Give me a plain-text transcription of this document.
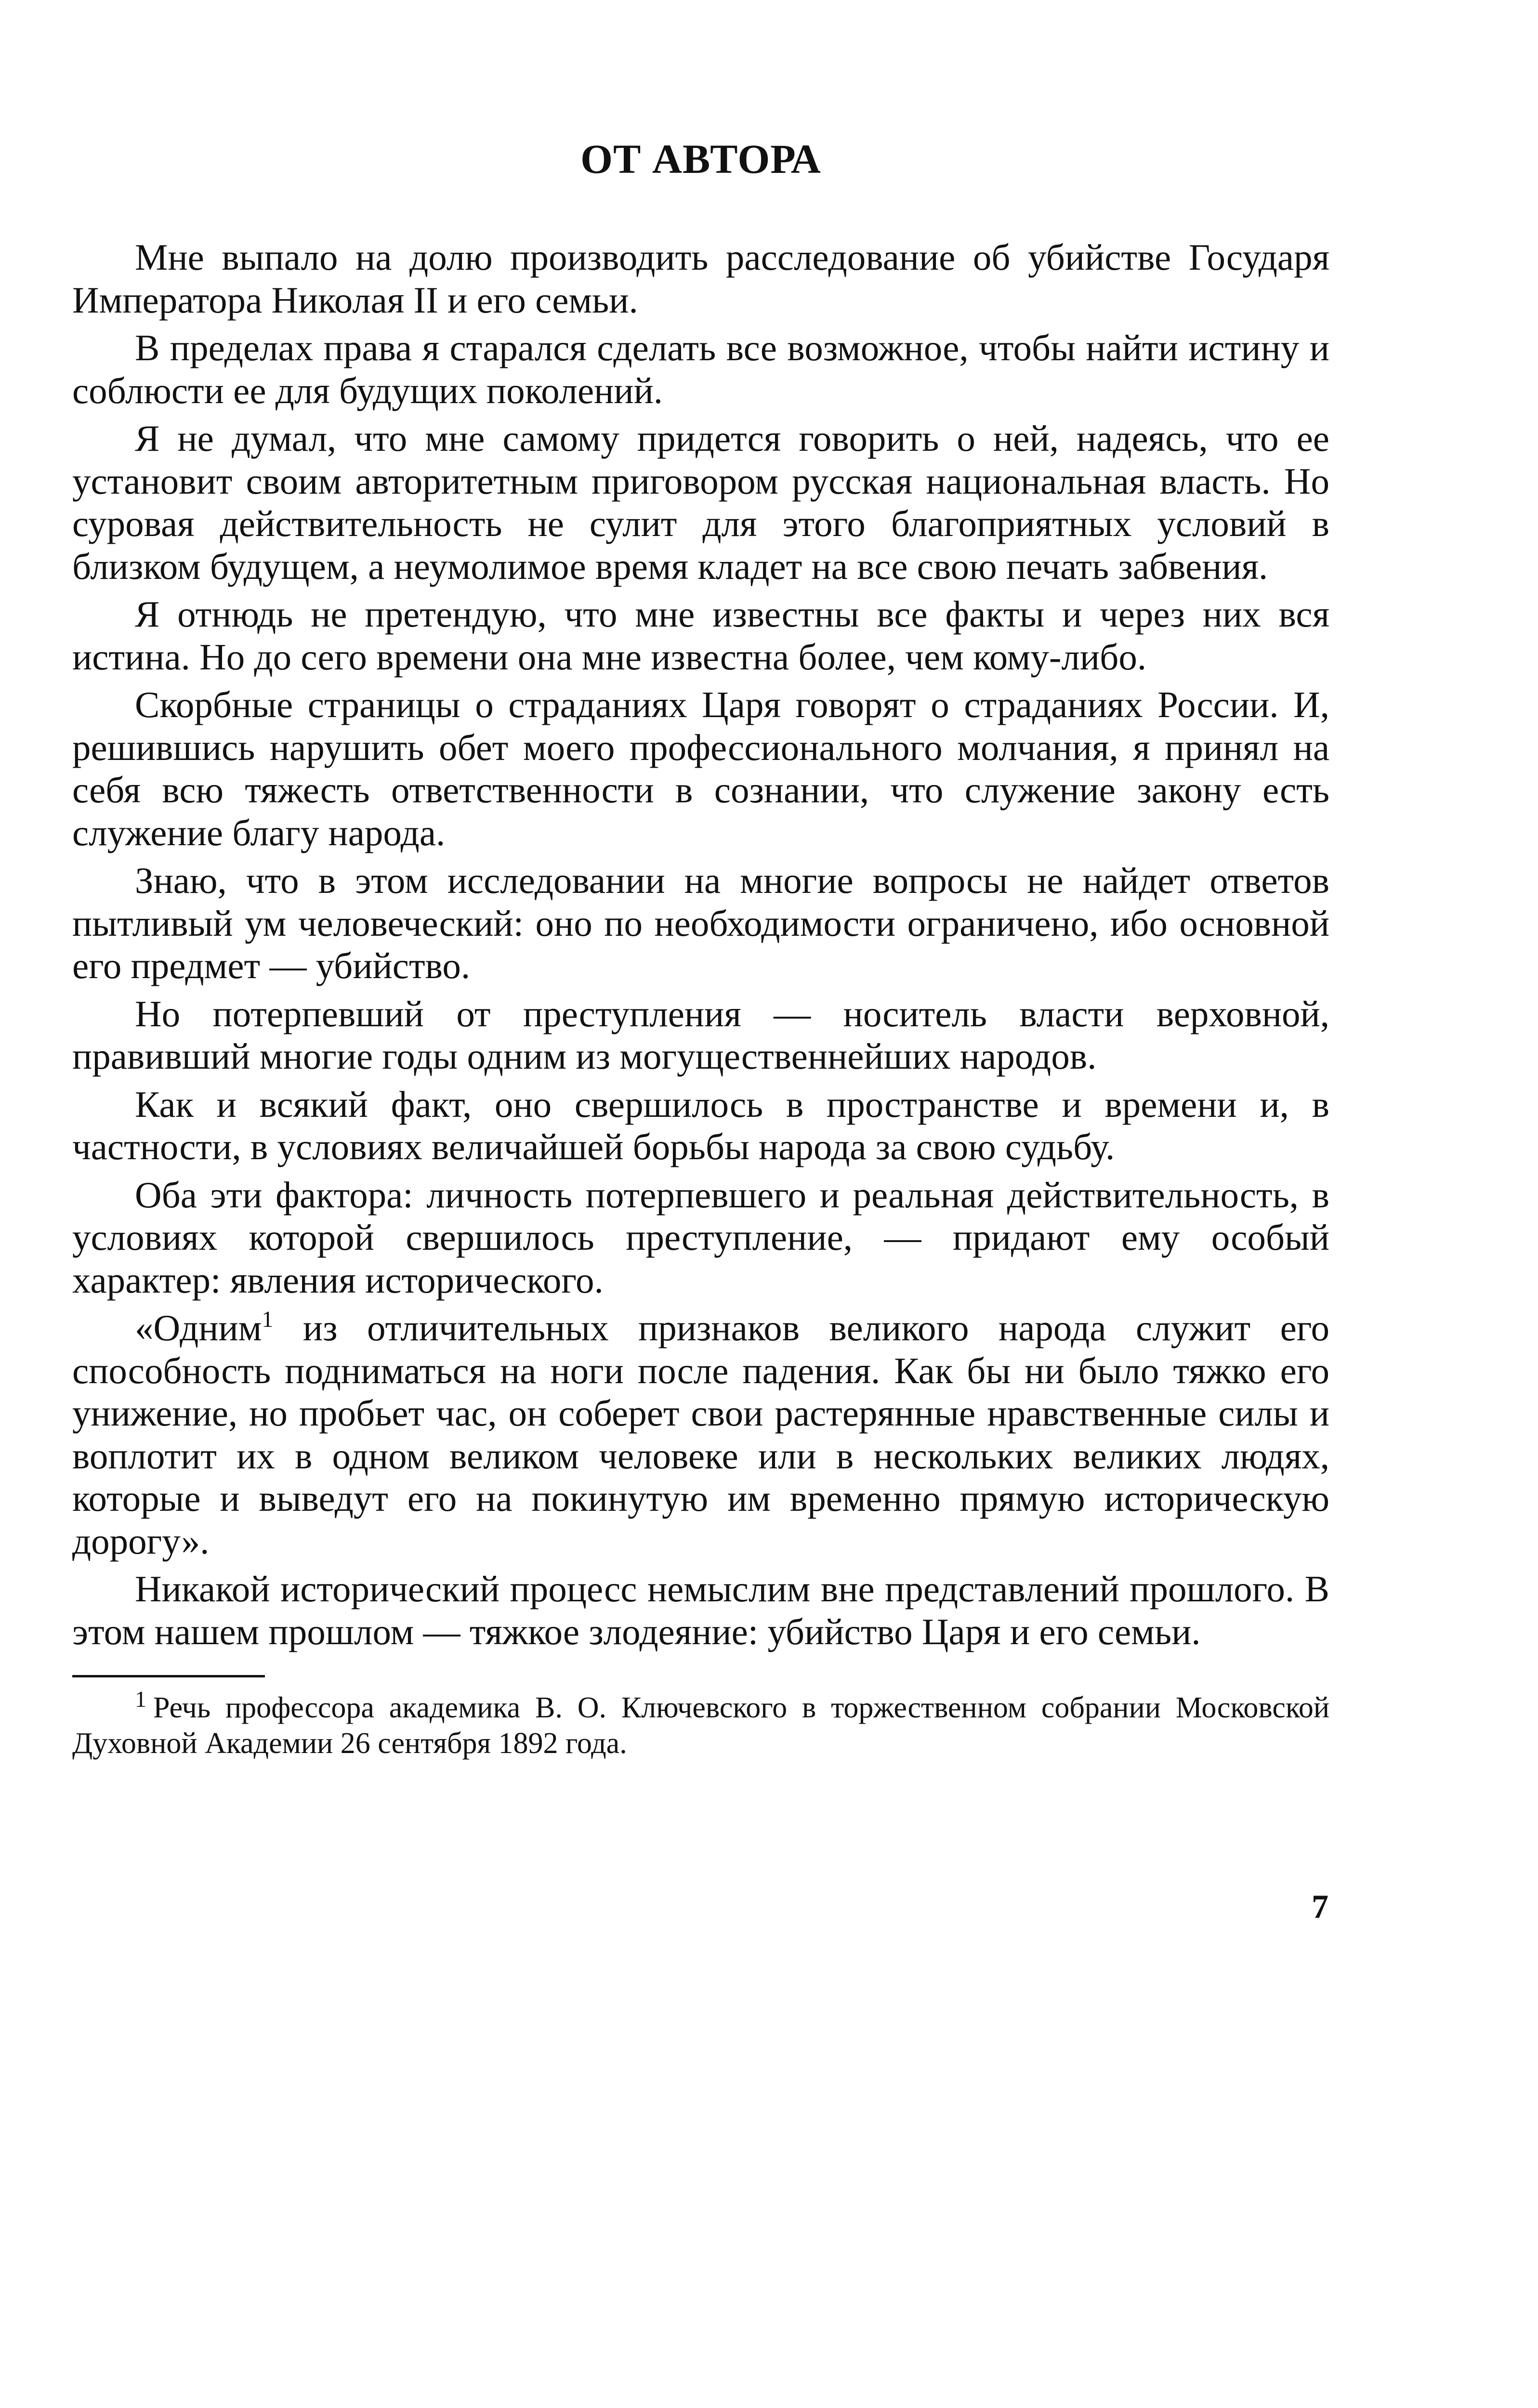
ОТ АВТОРА

Мне выпало на долю производить расследование об убийстве Государя Императора Николая II и его семьи.

В пределах права я старался сделать все возможное, чтобы найти истину и соблюсти ее для будущих поколений.

Я не думал, что мне самому придется говорить о ней, надеясь, что ее установит своим авторитетным приговором русская национальная власть. Но суровая действительность не сулит для этого благоприятных условий в близком будущем, а неумолимое время кладет на все свою печать забвения.

Я отнюдь не претендую, что мне известны все факты и через них вся истина. Но до сего времени она мне известна более, чем кому-либо.

Скорбные страницы о страданиях Царя говорят о страданиях России. И, решившись нарушить обет моего профессионального молчания, я принял на себя всю тяжесть ответственности в сознании, что служение закону есть служение благу народа.

Знаю, что в этом исследовании на многие вопросы не найдет ответов пытливый ум человеческий: оно по необходимости ограничено, ибо основной его предмет — убийство.

Но потерпевший от преступления — носитель власти верховной, правивший многие годы одним из могущественнейших народов.

Как и всякий факт, оно свершилось в пространстве и времени и, в частности, в условиях величайшей борьбы народа за свою судьбу.

Оба эти фактора: личность потерпевшего и реальная действительность, в условиях которой свершилось преступление, — придают ему особый характер: явления исторического.

«Одним$^1$ из отличительных признаков великого народа служит его способность подниматься на ноги после падения. Как бы ни было тяжко его унижение, но пробьет час, он соберет свои растерянные нравственные силы и воплотит их в одном великом человеке или в нескольких великих людях, которые и выведут его на покинутую им временно прямую историческую дорогу».

Никакой исторический процесс немыслим вне представлений прошлого. В этом нашем прошлом — тяжкое злодеяние: убийство Царя и его семьи.

$^1$ Речь профессора академика В. О. Ключевского в торжественном собрании Московской Духовной Академии 26 сентября 1892 года.

7
